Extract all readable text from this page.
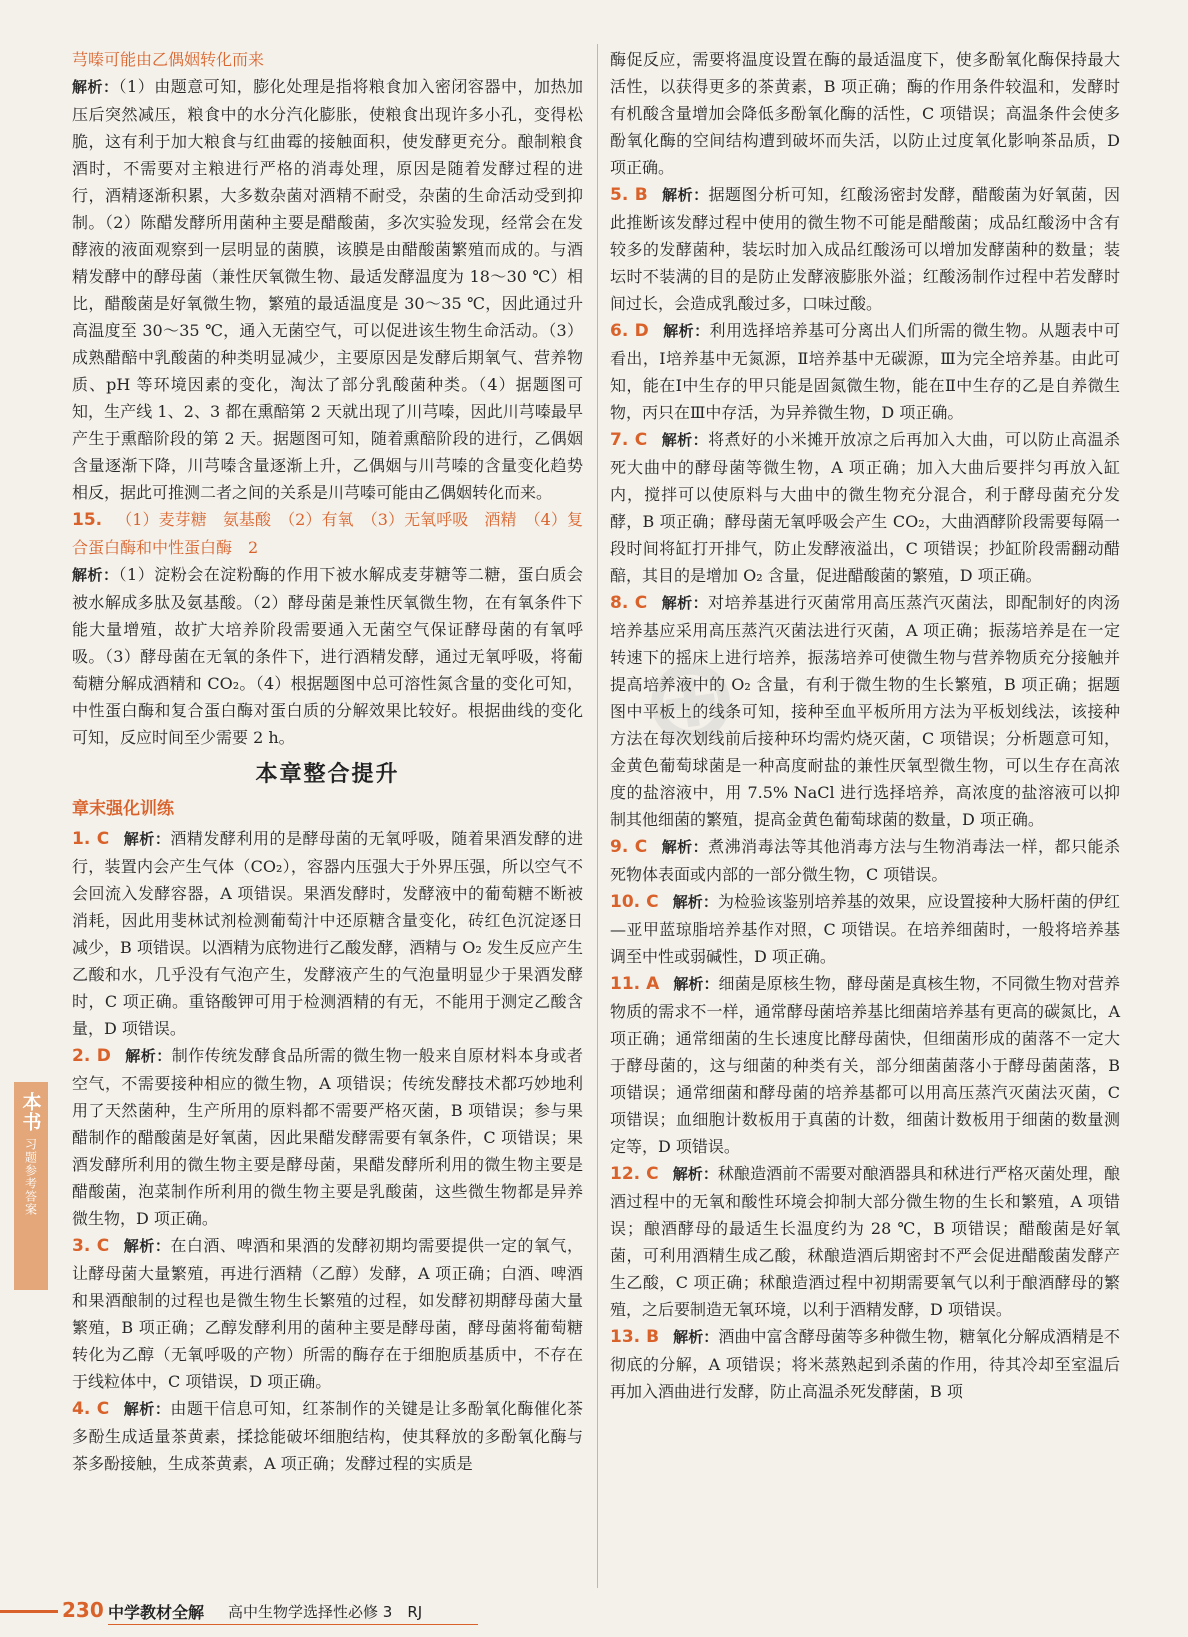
⊕

芎嗪可能由乙偶姻转化而来

解析：（1）由题意可知，膨化处理是指将粮食加入密闭容器中，加热加压后突然减压，粮食中的水分汽化膨胀，使粮食出现许多小孔，变得松脆，这有利于加大粮食与红曲霉的接触面积，使发酵更充分。酿制粮食酒时，不需要对主粮进行严格的消毒处理，原因是随着发酵过程的进行，酒精逐渐积累，大多数杂菌对酒精不耐受，杂菌的生命活动受到抑制。（2）陈醋发酵所用菌种主要是醋酸菌，多次实验发现，经常会在发酵液的液面观察到一层明显的菌膜，该膜是由醋酸菌繁殖而成的。与酒精发酵中的酵母菌（兼性厌氧微生物、最适发酵温度为 18～30 ℃）相比，醋酸菌是好氧微生物，繁殖的最适温度是 30～35 ℃，因此通过升高温度至 30～35 ℃，通入无菌空气，可以促进该生物生命活动。（3）成熟醋醅中乳酸菌的种类明显减少，主要原因是发酵后期氧气、营养物质、pH 等环境因素的变化，淘汰了部分乳酸菌种类。（4）据题图可知，生产线 1、2、3 都在熏醅第 2 天就出现了川芎嗪，因此川芎嗪最早产生于熏醅阶段的第 2 天。据题图可知，随着熏醅阶段的进行，乙偶姻含量逐渐下降，川芎嗪含量逐渐上升，乙偶姻与川芎嗪的含量变化趋势相反，据此可推测二者之间的关系是川芎嗪可能由乙偶姻转化而来。

15. （1）麦芽糖　氨基酸　（2）有氧　（3）无氧呼吸　酒精　（4）复合蛋白酶和中性蛋白酶　2

解析：（1）淀粉会在淀粉酶的作用下被水解成麦芽糖等二糖，蛋白质会被水解成多肽及氨基酸。（2）酵母菌是兼性厌氧微生物，在有氧条件下能大量增殖，故扩大培养阶段需要通入无菌空气保证酵母菌的有氧呼吸。（3）酵母菌在无氧的条件下，进行酒精发酵，通过无氧呼吸，将葡萄糖分解成酒精和 CO₂。（4）根据题图中总可溶性氮含量的变化可知，中性蛋白酶和复合蛋白酶对蛋白质的分解效果比较好。根据曲线的变化可知，反应时间至少需要 2 h。

本章整合提升
章末强化训练

1. C 解析：酒精发酵利用的是酵母菌的无氧呼吸，随着果酒发酵的进行，装置内会产生气体（CO₂），容器内压强大于外界压强，所以空气不会回流入发酵容器，A 项错误。果酒发酵时，发酵液中的葡萄糖不断被消耗，因此用斐林试剂检测葡萄汁中还原糖含量变化，砖红色沉淀逐日减少，B 项错误。以酒精为底物进行乙酸发酵，酒精与 O₂ 发生反应产生乙酸和水，几乎没有气泡产生，发酵液产生的气泡量明显少于果酒发酵时，C 项正确。重铬酸钾可用于检测酒精的有无，不能用于测定乙酸含量，D 项错误。

2. D 解析：制作传统发酵食品所需的微生物一般来自原材料本身或者空气，不需要接种相应的微生物，A 项错误；传统发酵技术都巧妙地利用了天然菌种，生产所用的原料都不需要严格灭菌，B 项错误；参与果醋制作的醋酸菌是好氧菌，因此果醋发酵需要有氧条件，C 项错误；果酒发酵所利用的微生物主要是酵母菌，果醋发酵所利用的微生物主要是醋酸菌，泡菜制作所利用的微生物主要是乳酸菌，这些微生物都是异养微生物，D 项正确。

3. C 解析：在白酒、啤酒和果酒的发酵初期均需要提供一定的氧气，让酵母菌大量繁殖，再进行酒精（乙醇）发酵，A 项正确；白酒、啤酒和果酒酿制的过程也是微生物生长繁殖的过程，如发酵初期酵母菌大量繁殖，B 项正确；乙醇发酵利用的菌种主要是酵母菌，酵母菌将葡萄糖转化为乙醇（无氧呼吸的产物）所需的酶存在于细胞质基质中，不存在于线粒体中，C 项错误，D 项正确。

4. C 解析：由题干信息可知，红茶制作的关键是让多酚氧化酶催化茶多酚生成适量茶黄素，揉捻能破坏细胞结构，使其释放的多酚氧化酶与茶多酚接触，生成茶黄素，A 项正确；发酵过程的实质是

酶促反应，需要将温度设置在酶的最适温度下，使多酚氧化酶保持最大活性，以获得更多的茶黄素，B 项正确；酶的作用条件较温和，发酵时有机酸含量增加会降低多酚氧化酶的活性，C 项错误；高温条件会使多酚氧化酶的空间结构遭到破坏而失活，以防止过度氧化影响茶品质，D 项正确。

5. B 解析：据题图分析可知，红酸汤密封发酵，醋酸菌为好氧菌，因此推断该发酵过程中使用的微生物不可能是醋酸菌；成品红酸汤中含有较多的发酵菌种，装坛时加入成品红酸汤可以增加发酵菌种的数量；装坛时不装满的目的是防止发酵液膨胀外溢；红酸汤制作过程中若发酵时间过长，会造成乳酸过多，口味过酸。

6. D 解析：利用选择培养基可分离出人们所需的微生物。从题表中可看出，Ⅰ培养基中无氮源，Ⅱ培养基中无碳源，Ⅲ为完全培养基。由此可知，能在Ⅰ中生存的甲只能是固氮微生物，能在Ⅱ中生存的乙是自养微生物，丙只在Ⅲ中存活，为异养微生物，D 项正确。

7. C 解析：将煮好的小米摊开放凉之后再加入大曲，可以防止高温杀死大曲中的酵母菌等微生物，A 项正确；加入大曲后要拌匀再放入缸内，搅拌可以使原料与大曲中的微生物充分混合，利于酵母菌充分发酵，B 项正确；酵母菌无氧呼吸会产生 CO₂，大曲酒酵阶段需要每隔一段时间将缸打开排气，防止发酵液溢出，C 项错误；抄缸阶段需翻动醋醅，其目的是增加 O₂ 含量，促进醋酸菌的繁殖，D 项正确。

8. C 解析：对培养基进行灭菌常用高压蒸汽灭菌法，即配制好的肉汤培养基应采用高压蒸汽灭菌法进行灭菌，A 项正确；振荡培养是在一定转速下的摇床上进行培养，振荡培养可使微生物与营养物质充分接触并提高培养液中的 O₂ 含量，有利于微生物的生长繁殖，B 项正确；据题图中平板上的线条可知，接种至血平板所用方法为平板划线法，该接种方法在每次划线前后接种环均需灼烧灭菌，C 项错误；分析题意可知，金黄色葡萄球菌是一种高度耐盐的兼性厌氧型微生物，可以生存在高浓度的盐溶液中，用 7.5% NaCl 进行选择培养，高浓度的盐溶液可以抑制其他细菌的繁殖，提高金黄色葡萄球菌的数量，D 项正确。

9. C 解析：煮沸消毒法等其他消毒方法与生物消毒法一样，都只能杀死物体表面或内部的一部分微生物，C 项错误。

10. C 解析：为检验该鉴别培养基的效果，应设置接种大肠杆菌的伊红—亚甲蓝琼脂培养基作对照，C 项错误。在培养细菌时，一般将培养基调至中性或弱碱性，D 项正确。

11. A 解析：细菌是原核生物，酵母菌是真核生物，不同微生物对营养物质的需求不一样，通常酵母菌培养基比细菌培养基有更高的碳氮比，A 项正确；通常细菌的生长速度比酵母菌快，但细菌形成的菌落不一定大于酵母菌的，这与细菌的种类有关，部分细菌菌落小于酵母菌菌落，B 项错误；通常细菌和酵母菌的培养基都可以用高压蒸汽灭菌法灭菌，C 项错误；血细胞计数板用于真菌的计数，细菌计数板用于细菌的数量测定等，D 项错误。

12. C 解析：秫酿造酒前不需要对酿酒器具和秫进行严格灭菌处理，酿酒过程中的无氧和酸性环境会抑制大部分微生物的生长和繁殖，A 项错误；酿酒酵母的最适生长温度约为 28 ℃，B 项错误；醋酸菌是好氧菌，可利用酒精生成乙酸，秫酿造酒后期密封不严会促进醋酸菌发酵产生乙酸，C 项正确；秫酿造酒过程中初期需要氧气以利于酿酒酵母的繁殖，之后要制造无氧环境，以利于酒精发酵，D 项错误。

13. B 解析：酒曲中富含酵母菌等多种微生物，糖氧化分解成酒精是不彻底的分解，A 项错误；将米蒸熟起到杀菌的作用，待其冷却至室温后再加入酒曲进行发酵，防止高温杀死发酵菌，B 项

本书
习题参考答案
230 中学教材全解 高中生物学选择性必修 3　RJ
